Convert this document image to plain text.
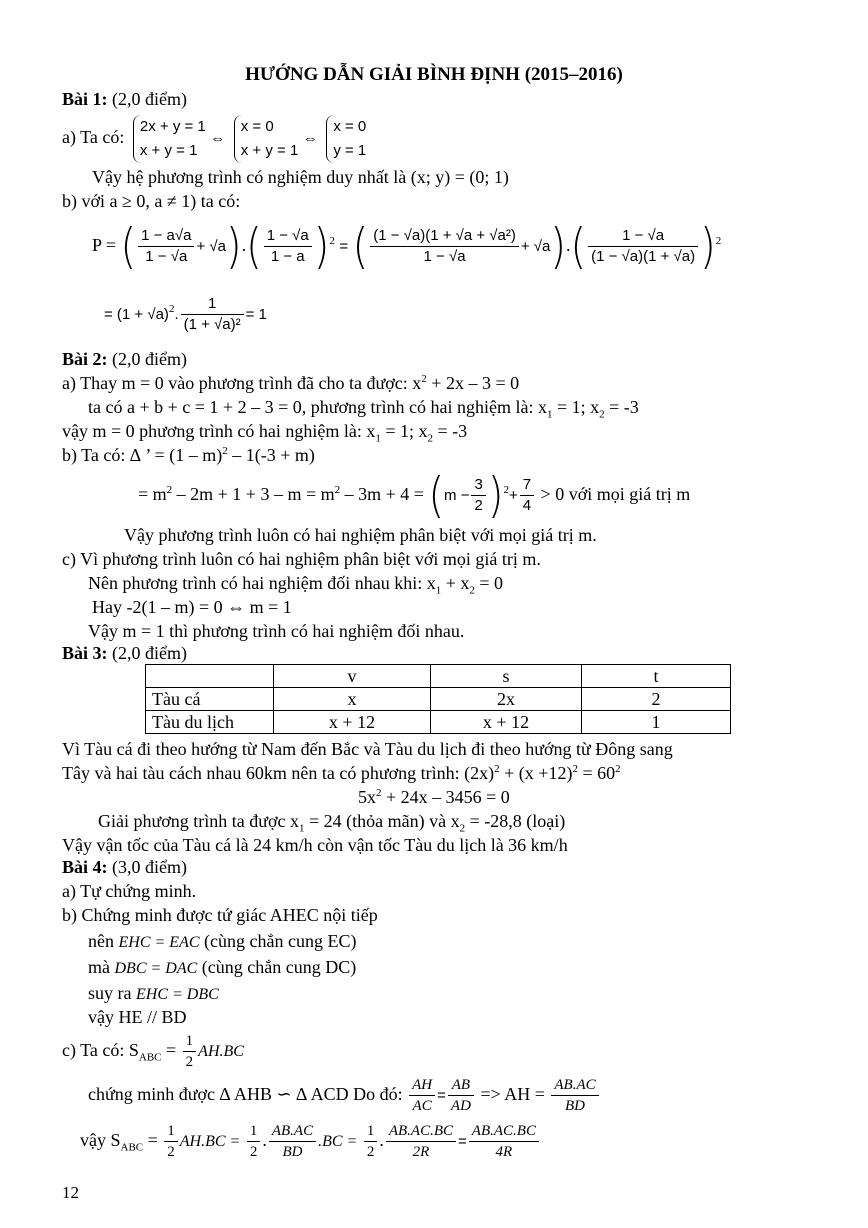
HƯỚNG DẪN GIẢI BÌNH ĐỊNH (2015–2016)
Bài 1: (2,0 điểm)
a) Ta có:
2x + y = 1
x + y = 1
⇔
x = 0
x + y = 1
⇔
x = 0
y = 1
Vậy hệ phương trình có nghiệm duy nhất là (x; y) = (0; 1)
b) với a ≥ 0, a ≠ 1) ta có:
P = ( $\frac{1 - a√a}{1 - √a} + √a).( \frac{1 - √a}{1 - a} )^2$ = ( $\frac{\text{(1 − √a)(1 + √a + √a²)}}{1 - √a} + √a).( \frac{1 - √a}{(1 - √a)(1 + √a)} )^2$
= $(1 + √a)^2$. $\frac{1}{\text{(1 + √a)²}} = 1$
Bài 2: (2,0 điểm)
a) Thay m = 0 vào phương trình đã cho ta được: $x^2 + 2x - 3 = 0$
ta có a + b + c = 1 + 2 – 3 = 0, phương trình có hai nghiệm là: $x_1 = 1$; $x_2 = -3$
vậy m = 0 phương trình có hai nghiệm là: $x_1 = 1$; $x_2 = -3$
b) Ta có: ∆ ’ = (1 – m)$^2$ – 1(-3 + m)
= $m^2 - 2m + 1 + 3 - m = m^2 - 3m + 4 = (m - \frac{3}{2} )^2+ \frac{7}{4} > 0$ với mọi giá trị m
Vậy phương trình luôn có hai nghiệm phân biệt với mọi giá trị m.
c) Vì phương trình luôn có hai nghiệm phân biệt với mọi giá trị m.
Nên phương trình có hai nghiệm đối nhau khi: $x_1 + x_2 = 0$
Hay -2(1 – m) = 0 ⇔ m = 1
Vậy m = 1 thì phương trình có hai nghiệm đối nhau.
Bài 3: (2,0 điểm)
	v	s	t
Tàu cá	x	2x	2
Tàu du lịch	x + 12	x + 12	1
Vì Tàu cá đi theo hướng từ Nam đến Bắc và Tàu du lịch đi theo hướng từ Đông sang
Tây và hai tàu cách nhau 60km nên ta có phương trình: $(2x)^2 + (x +12)^2 = 60^2$
$5x^2 + 24x - 3456 = 0$
Giải phương trình ta được $x_1 = 24$ (thỏa mãn) và $x_2 = -28,8$ (loại)
Vậy vận tốc của Tàu cá là 24 km/h còn vận tốc Tàu du lịch là 36 km/h
Bài 4: (3,0 điểm)
a) Tự chứng minh.
b) Chứng minh được tứ giác AHEC nội tiếp
nên EHC = EAC (cùng chắn cung EC)
mà DBC = DAC (cùng chắn cung DC)
suy ra EHC = DBC
vậy HE // BD
c) Ta có: $S_{ABC} = \frac{1}{2} AH.BC$
chứng minh được ∆ AHB ∽ ∆ ACD Do đó: $\frac{AH}{AC} = \frac{AB}{AD}$ => AH = $\frac{AB.AC}{BD}$
vậy $S_{ABC} = \frac{1}{2} AH.BC = \frac{1}{2}$ . $\frac{AB.AC}{BD} .BC = \frac{1}{2}$ . $\frac{AB.AC.BC}{2R} = \frac{AB.AC.BC}{4R}$
12
